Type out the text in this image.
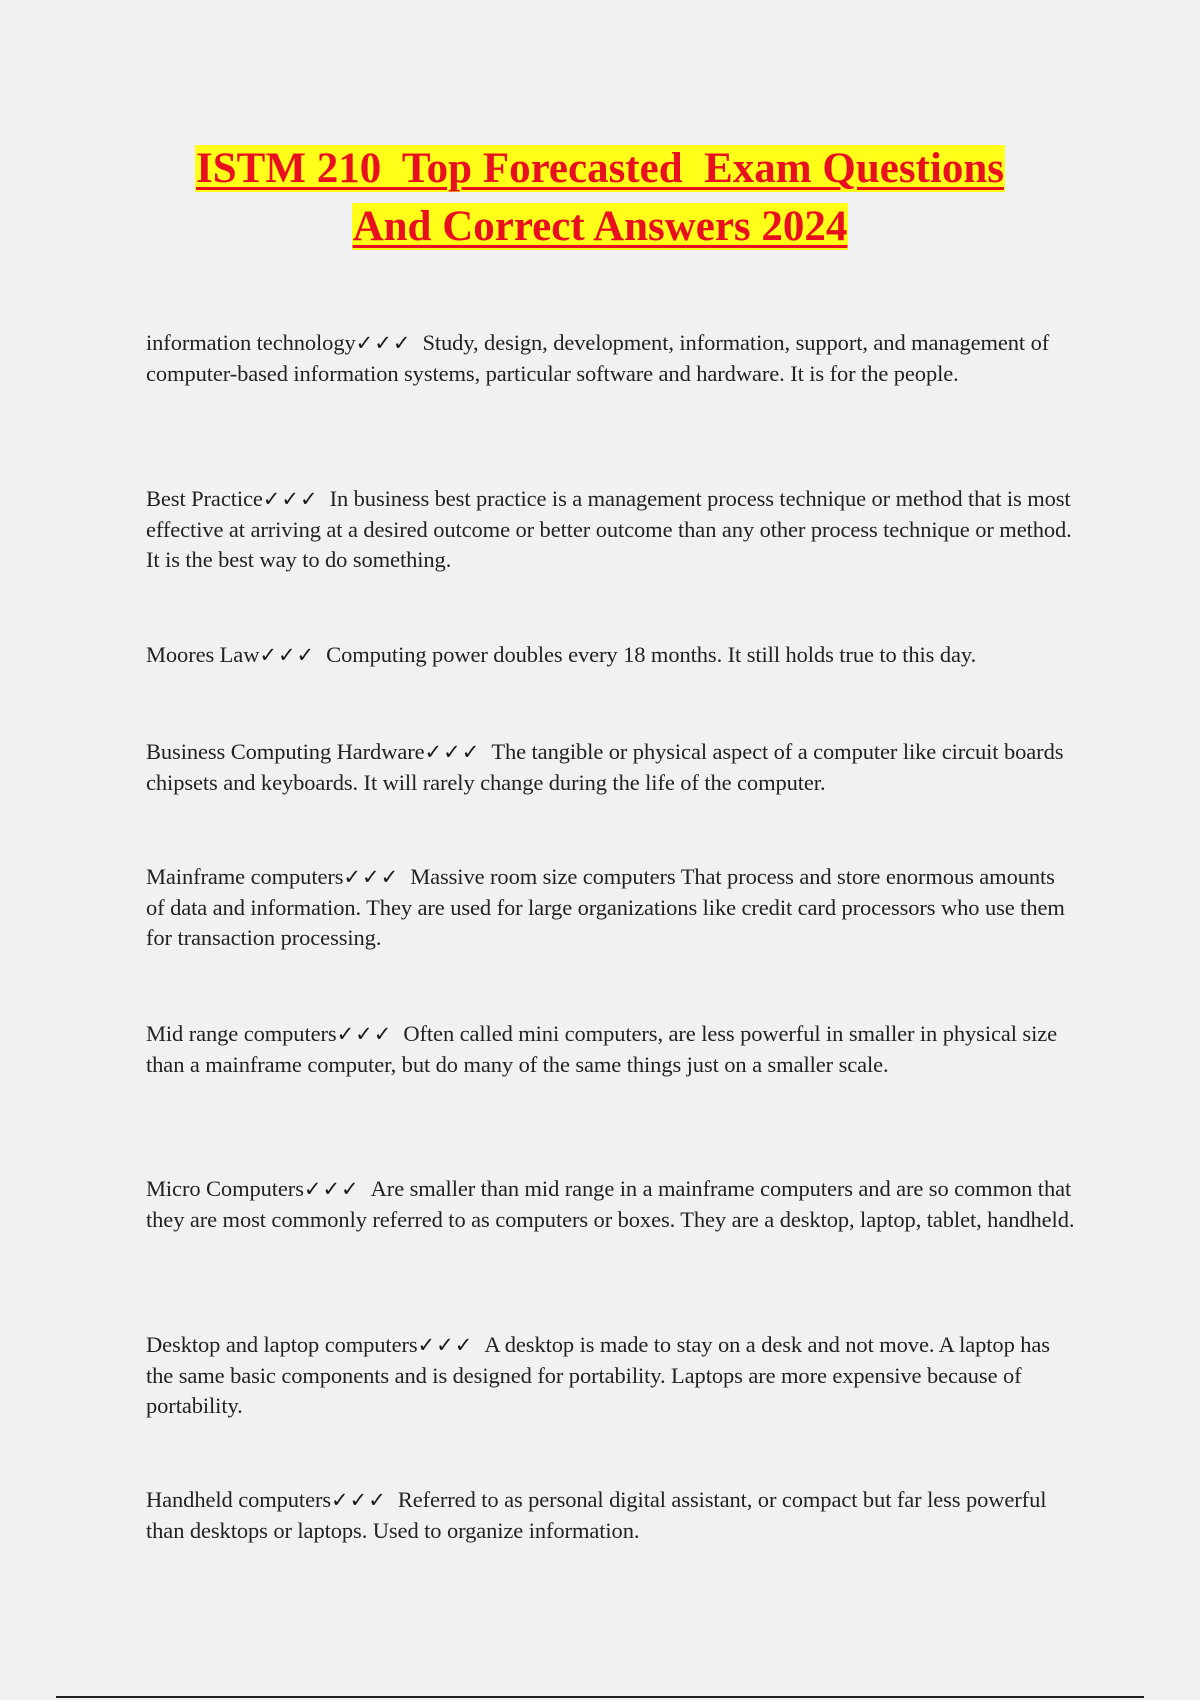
ISTM 210  Top Forecasted  Exam Questions
And Correct Answers 2024
information technology✓✓✓ Study, design, development, information, support, and management of computer-based information systems, particular software and hardware. It is for the people.
Best Practice✓✓✓ In business best practice is a management process technique or method that is most effective at arriving at a desired outcome or better outcome than any other process technique or method. It is the best way to do something.
Moores Law✓✓✓ Computing power doubles every 18 months. It still holds true to this day.
Business Computing Hardware✓✓✓ The tangible or physical aspect of a computer like circuit boards chipsets and keyboards. It will rarely change during the life of the computer.
Mainframe computers✓✓✓ Massive room size computers That process and store enormous amounts of data and information. They are used for large organizations like credit card processors who use them for transaction processing.
Mid range computers✓✓✓ Often called mini computers, are less powerful in smaller in physical size than a mainframe computer, but do many of the same things just on a smaller scale.
Micro Computers✓✓✓ Are smaller than mid range in a mainframe computers and are so common that they are most commonly referred to as computers or boxes. They are a desktop, laptop, tablet, handheld.
Desktop and laptop computers✓✓✓ A desktop is made to stay on a desk and not move. A laptop has the same basic components and is designed for portability. Laptops are more expensive because of portability.
Handheld computers✓✓✓ Referred to as personal digital assistant, or compact but far less powerful than desktops or laptops. Used to organize information.
